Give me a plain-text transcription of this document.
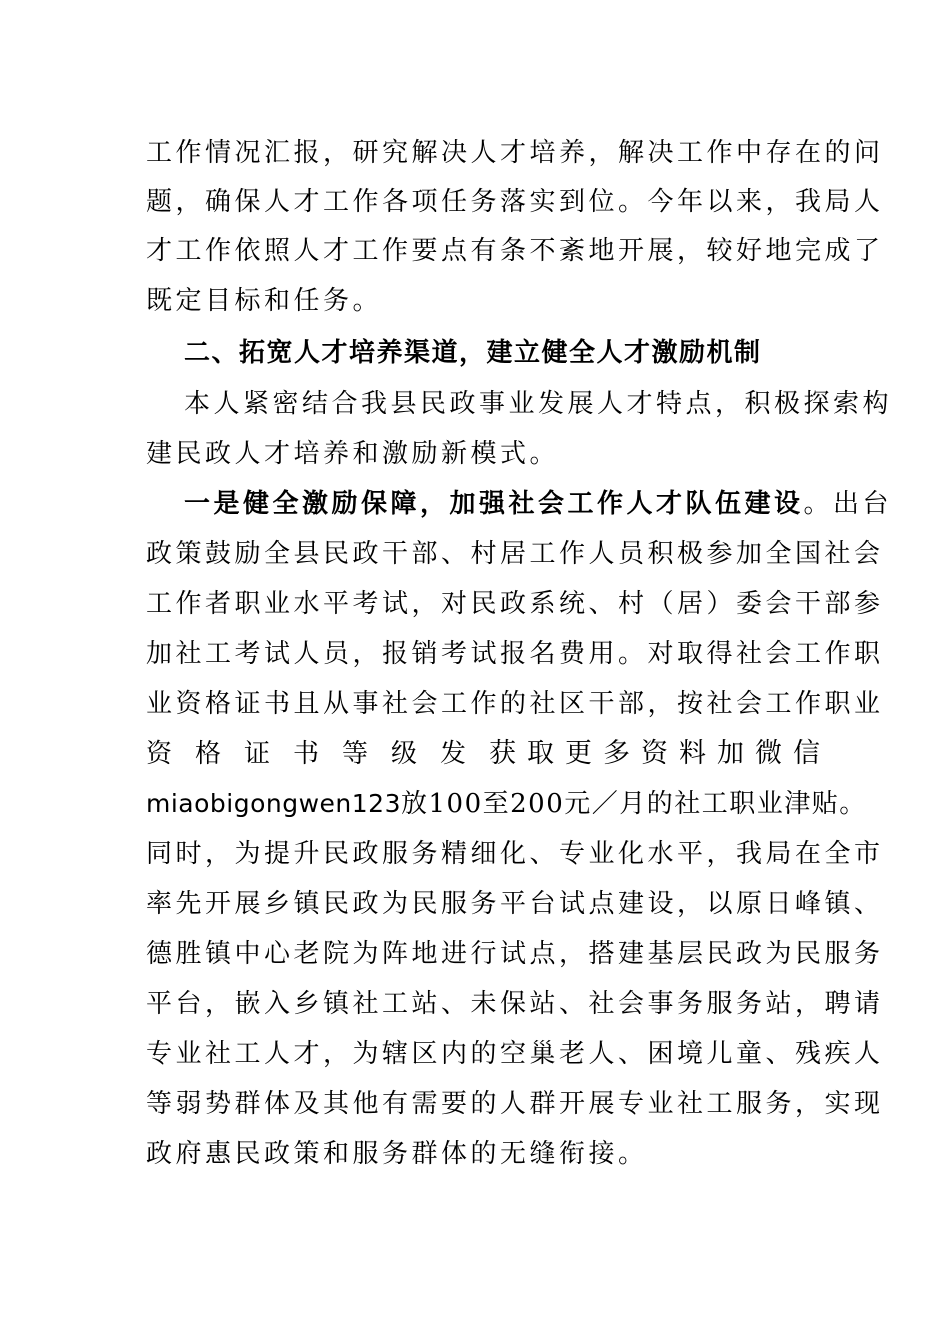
工作情况汇报，研究解决人才培养，解决工作中存在的问
题，确保人才工作各项任务落实到位。今年以来，我局人
才工作依照人才工作要点有条不紊地开展，较好地完成了
既定目标和任务。
二、拓宽人才培养渠道，建立健全人才激励机制
本人紧密结合我县民政事业发展人才特点，积极探索构
建民政人才培养和激励新模式。
一是健全激励保障，加强社会工作人才队伍建设。出台
政策鼓励全县民政干部、村居工作人员积极参加全国社会
工作者职业水平考试，对民政系统、村（居）委会干部参
加社工考试人员，报销考试报名费用。对取得社会工作职
业资格证书且从事社会工作的社区干部，按社会工作职业
资格证书等级发获取更多资料加微信
miaobigongwen123放100至200元／月的社工职业津贴。
同时，为提升民政服务精细化、专业化水平，我局在全市
率先开展乡镇民政为民服务平台试点建设，以原日峰镇、
德胜镇中心老院为阵地进行试点，搭建基层民政为民服务
平台，嵌入乡镇社工站、未保站、社会事务服务站，聘请
专业社工人才，为辖区内的空巢老人、困境儿童、残疾人
等弱势群体及其他有需要的人群开展专业社工服务，实现
政府惠民政策和服务群体的无缝衔接。
